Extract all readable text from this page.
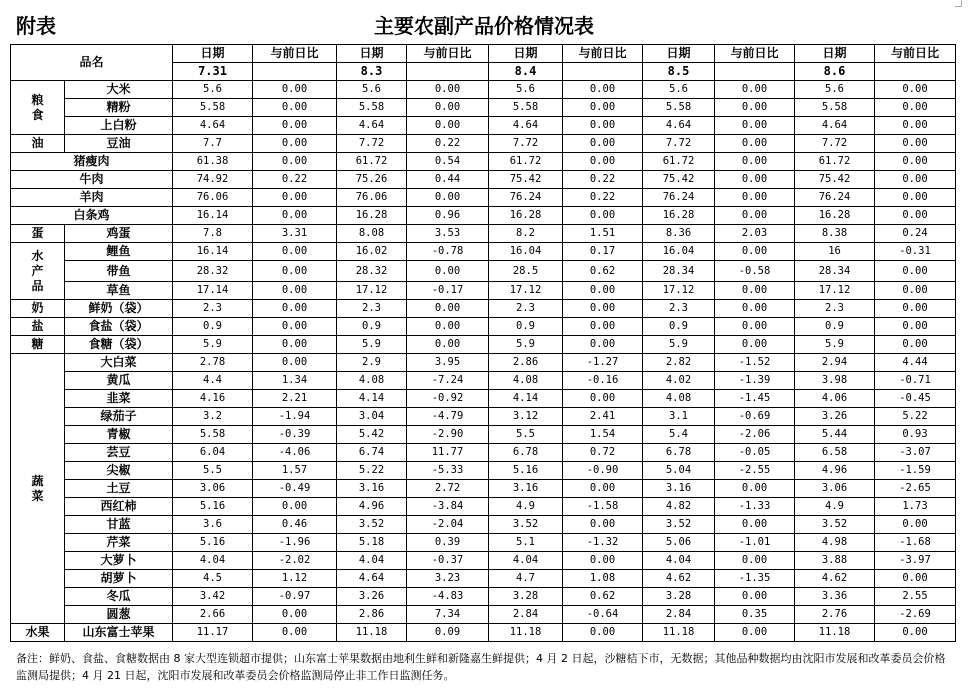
附表	主要农副产品价格情况表
品名		日期	与前日比	日期	与前日比	日期	与前日比	日期	与前日比	日期	与前日比
		7.31		8.3		8.4		8.5		8.6	
粮食	大米	5.6	0.00	5.6	0.00	5.6	0.00	5.6	0.00	5.6	0.00
	精粉	5.58	0.00	5.58	0.00	5.58	0.00	5.58	0.00	5.58	0.00
	上白粉	4.64	0.00	4.64	0.00	4.64	0.00	4.64	0.00	4.64	0.00
油	豆油	7.7	0.00	7.72	0.22	7.72	0.00	7.72	0.00	7.72	0.00
猪瘦肉		61.38	0.00	61.72	0.54	61.72	0.00	61.72	0.00	61.72	0.00
牛肉		74.92	0.22	75.26	0.44	75.42	0.22	75.42	0.00	75.42	0.00
羊肉		76.06	0.00	76.06	0.00	76.24	0.22	76.24	0.00	76.24	0.00
白条鸡		16.14	0.00	16.28	0.96	16.28	0.00	16.28	0.00	16.28	0.00
蛋	鸡蛋	7.8	3.31	8.08	3.53	8.2	1.51	8.36	2.03	8.38	0.24
水产品	鲤鱼	16.14	0.00	16.02	-0.78	16.04	0.17	16.04	0.00	16	-0.31
	带鱼	28.32	0.00	28.32	0.00	28.5	0.62	28.34	-0.58	28.34	0.00
	草鱼	17.14	0.00	17.12	-0.17	17.12	0.00	17.12	0.00	17.12	0.00
奶	鲜奶（袋）	2.3	0.00	2.3	0.00	2.3	0.00	2.3	0.00	2.3	0.00
盐	食盐（袋）	0.9	0.00	0.9	0.00	0.9	0.00	0.9	0.00	0.9	0.00
糖	食糖（袋）	5.9	0.00	5.9	0.00	5.9	0.00	5.9	0.00	5.9	0.00
蔬菜	大白菜	2.78	0.00	2.9	3.95	2.86	-1.27	2.82	-1.52	2.94	4.44
	黄瓜	4.4	1.34	4.08	-7.24	4.08	-0.16	4.02	-1.39	3.98	-0.71
	韭菜	4.16	2.21	4.14	-0.92	4.14	0.00	4.08	-1.45	4.06	-0.45
	绿茄子	3.2	-1.94	3.04	-4.79	3.12	2.41	3.1	-0.69	3.26	5.22
	青椒	5.58	-0.39	5.42	-2.90	5.5	1.54	5.4	-2.06	5.44	0.93
	芸豆	6.04	-4.06	6.74	11.77	6.78	0.72	6.78	-0.05	6.58	-3.07
	尖椒	5.5	1.57	5.22	-5.33	5.16	-0.90	5.04	-2.55	4.96	-1.59
	土豆	3.06	-0.49	3.16	2.72	3.16	0.00	3.16	0.00	3.06	-2.65
	西红柿	5.16	0.00	4.96	-3.84	4.9	-1.58	4.82	-1.33	4.9	1.73
	甘蓝	3.6	0.46	3.52	-2.04	3.52	0.00	3.52	0.00	3.52	0.00
	芹菜	5.16	-1.96	5.18	0.39	5.1	-1.32	5.06	-1.01	4.98	-1.68
	大萝卜	4.04	-2.02	4.04	-0.37	4.04	0.00	4.04	0.00	3.88	-3.97
	胡萝卜	4.5	1.12	4.64	3.23	4.7	1.08	4.62	-1.35	4.62	0.00
	冬瓜	3.42	-0.97	3.26	-4.83	3.28	0.62	3.28	0.00	3.36	2.55
	圆葱	2.66	0.00	2.86	7.34	2.84	-0.64	2.84	0.35	2.76	-2.69
水果	山东富士苹果	11.17	0.00	11.18	0.09	11.18	0.00	11.18	0.00	11.18	0.00
备注：鲜奶、食盐、食糖数据由 8 家大型连锁超市提供；山东富士苹果数据由地利生鲜和新隆嘉生鲜提供；4 月 2 日起，沙糖桔下市，无数据；其他品种数据均由沈阳市发展和改革委员会价格监测局提供；4 月 21 日起，沈阳市发展和改革委员会价格监测局停止非工作日监测任务。
